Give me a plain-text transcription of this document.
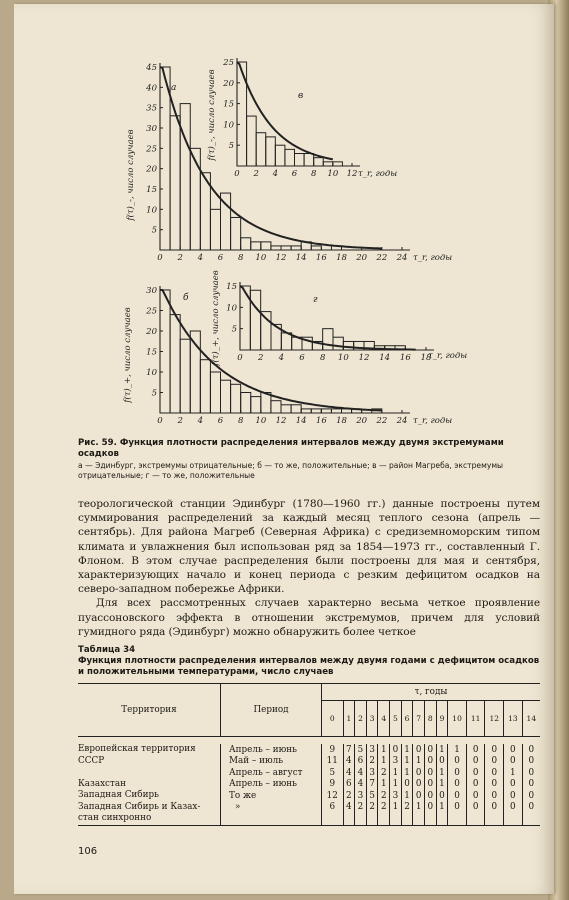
0 2 4 6 8 10 12 14 16 18 20 22 24
5
10
15
20
25
30
35
40
45
а
f(τ)_-, число случаев
τ_r, годы
0 2 4 6 8 10 12
5
10
15
20
25
в
f(τ)_-, число случаев
τ_r, годы
0 2 4 6 8 10 12 14 16 18 20 22 24
5
10
15
20
25
30
б
f(τ)_+, число случаев
τ_r, годы
0 2 4 6 8 10 12 14 16 18
5
10
15
г
f(τ)_+, число случаев	τ_r, годы
Рис. 59. Функция плотности распределения интервалов между двумя экстремумами осадков
а — Эдинбург, экстремумы отрицательные; б — то же, положительные; в — район Магреба, экстремумы отрицательные; г — то же, положительные

теорологической станции Эдинбург (1780—1960 гг.) данные построены путем суммирования распределений за каждый месяц теплого сезона (апрель — сентябрь). Для района Магреб (Северная Африка) с средиземноморским типом климата и увлажнения был использован ряд за 1854—1973 гг., составленный Г. Флоном. В этом случае распределения были построены для мая и сентября, характеризующих начало и конец периода с резким дефицитом осадков на северо-западном побережье Африки.

Для всех рассмотренных случаев характерно весьма четкое проявление пуассоновского эффекта в отношении экстремумов, причем для условий гумидного ряда (Эдинбург) можно обнаружить более четкое

Таблица 34
Функция плотности распределения интервалов между двумя годами с дефицитом осадков и положительными температурами, число случаев
Территория	Период	τ, годы														
		0	1	2	3	4	5	6	7	8	9	10	11	12	13	14

Европейская территория	Апрель – июнь	9	7	5	3	1	0	1	0	0	1	1	0	0	0	0
СССР	Май – июль	11	4	6	2	1	3	1	1	0	0	0	0	0	0	0
	Апрель – август	5	4	4	3	2	1	1	0	0	1	0	0	0	1	0
Казахстан	Апрель – июнь	9	6	4	7	1	1	0	0	0	1	0	0	0	0	0
Западная Сибирь	То же	12	2	3	5	2	3	1	0	0	0	0	0	0	0	0
Западная Сибирь и Казах-	»	6	4	2	2	2	1	2	1	0	1	0	0	0	0	0
стан синхронно																

106
